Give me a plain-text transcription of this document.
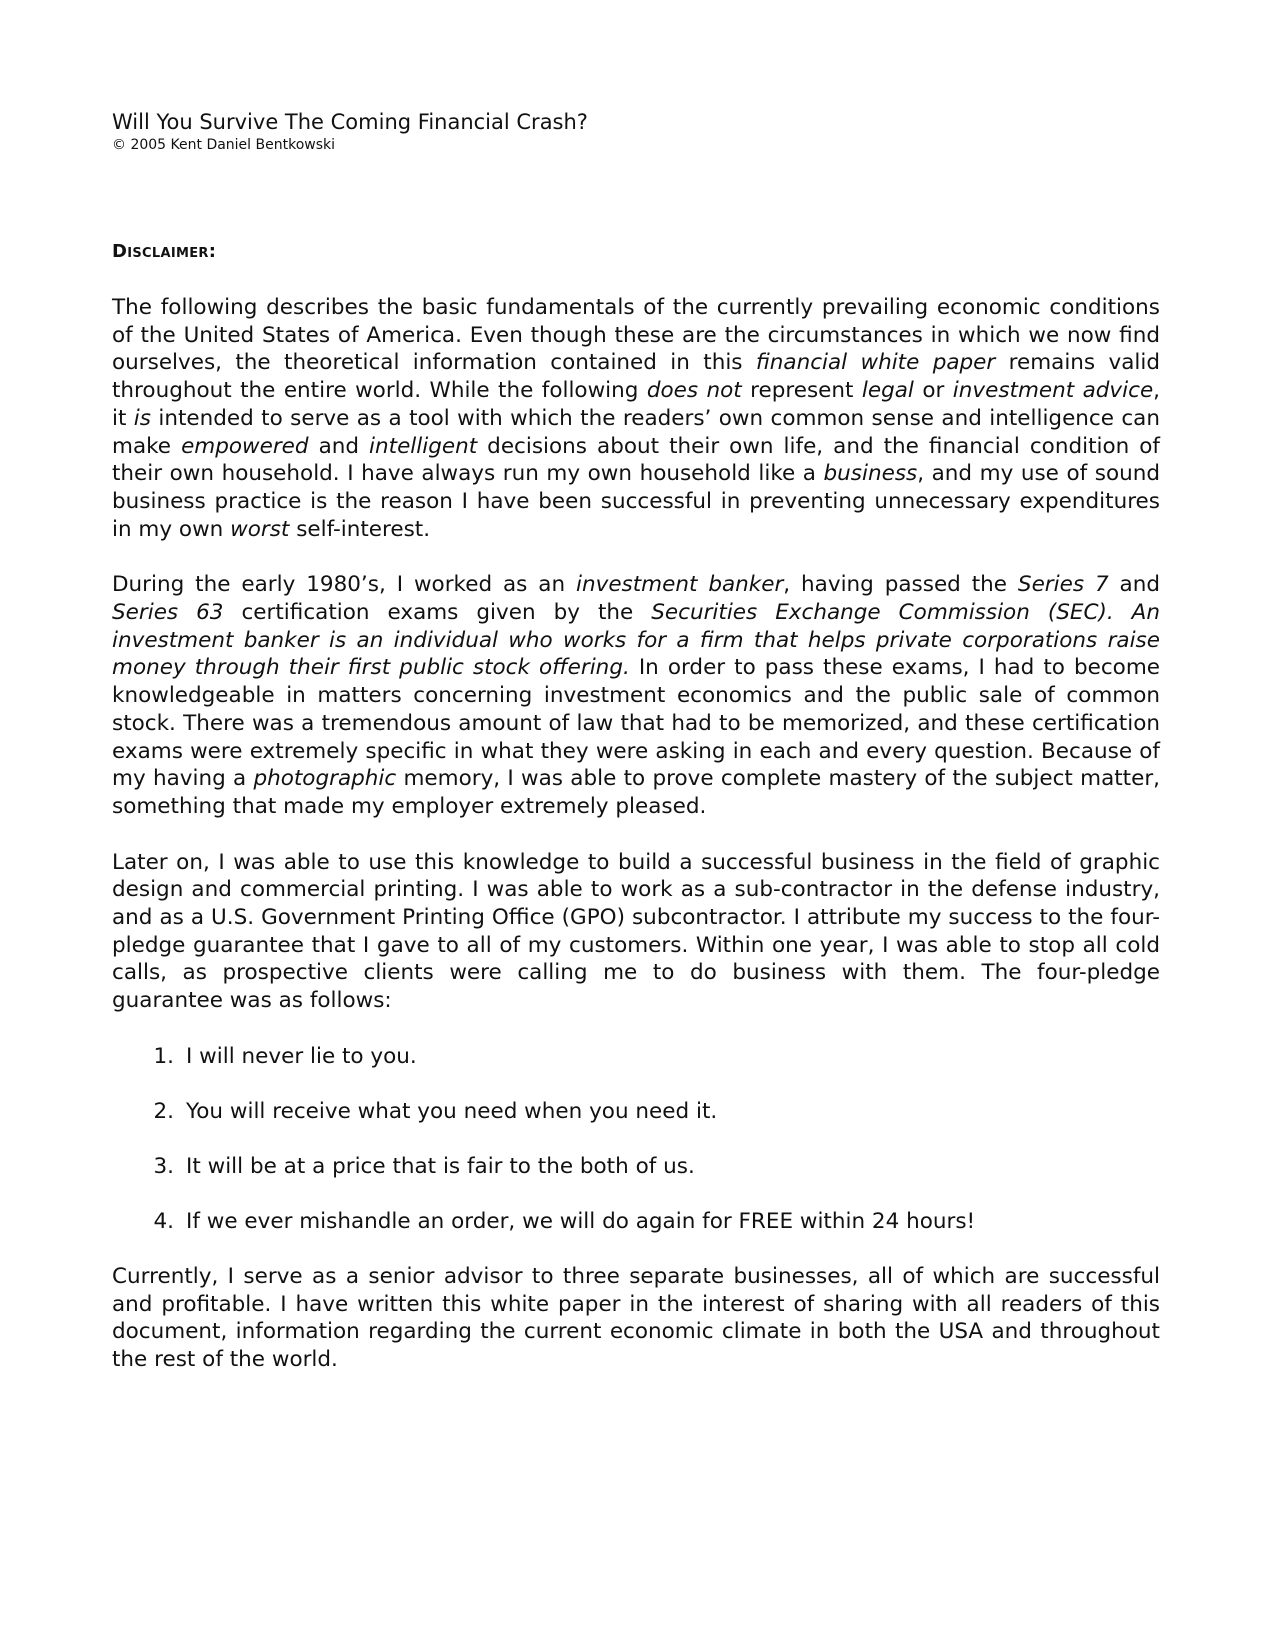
Will You Survive The Coming Financial Crash?

© 2005 Kent Daniel Bentkowski

Disclaimer:

The following describes the basic fundamentals of the currently prevailing economic conditions of the United States of America. Even though these are the circumstances in which we now find ourselves, the theoretical information contained in this financial white paper remains valid throughout the entire world. While the following does not represent legal or investment advice, it is intended to serve as a tool with which the readers’ own common sense and intelligence can make empowered and intelligent decisions about their own life, and the financial condition of their own household. I have always run my own household like a business, and my use of sound business practice is the reason I have been successful in preventing unnecessary expenditures in my own worst self-interest.

During the early 1980’s, I worked as an investment banker, having passed the Series 7 and Series 63 certification exams given by the Securities Exchange Commission (SEC). An investment banker is an individual who works for a firm that helps private corporations raise money through their first public stock offering. In order to pass these exams, I had to become knowledgeable in matters concerning investment economics and the public sale of common stock. There was a tremendous amount of law that had to be memorized, and these certification exams were extremely specific in what they were asking in each and every question. Because of my having a photographic memory, I was able to prove complete mastery of the subject matter, something that made my employer extremely pleased.

Later on, I was able to use this knowledge to build a successful business in the field of graphic design and commercial printing. I was able to work as a sub-contractor in the defense industry, and as a U.S. Government Printing Office (GPO) subcontractor. I attribute my success to the four-pledge guarantee that I gave to all of my customers. Within one year, I was able to stop all cold calls, as prospective clients were calling me to do business with them. The four-pledge guarantee was as follows:

1. I will never lie to you.
2. You will receive what you need when you need it.
3. It will be at a price that is fair to the both of us.
4. If we ever mishandle an order, we will do again for FREE within 24 hours!

Currently, I serve as a senior advisor to three separate businesses, all of which are successful and profitable. I have written this white paper in the interest of sharing with all readers of this document, information regarding the current economic climate in both the USA and throughout the rest of the world.
